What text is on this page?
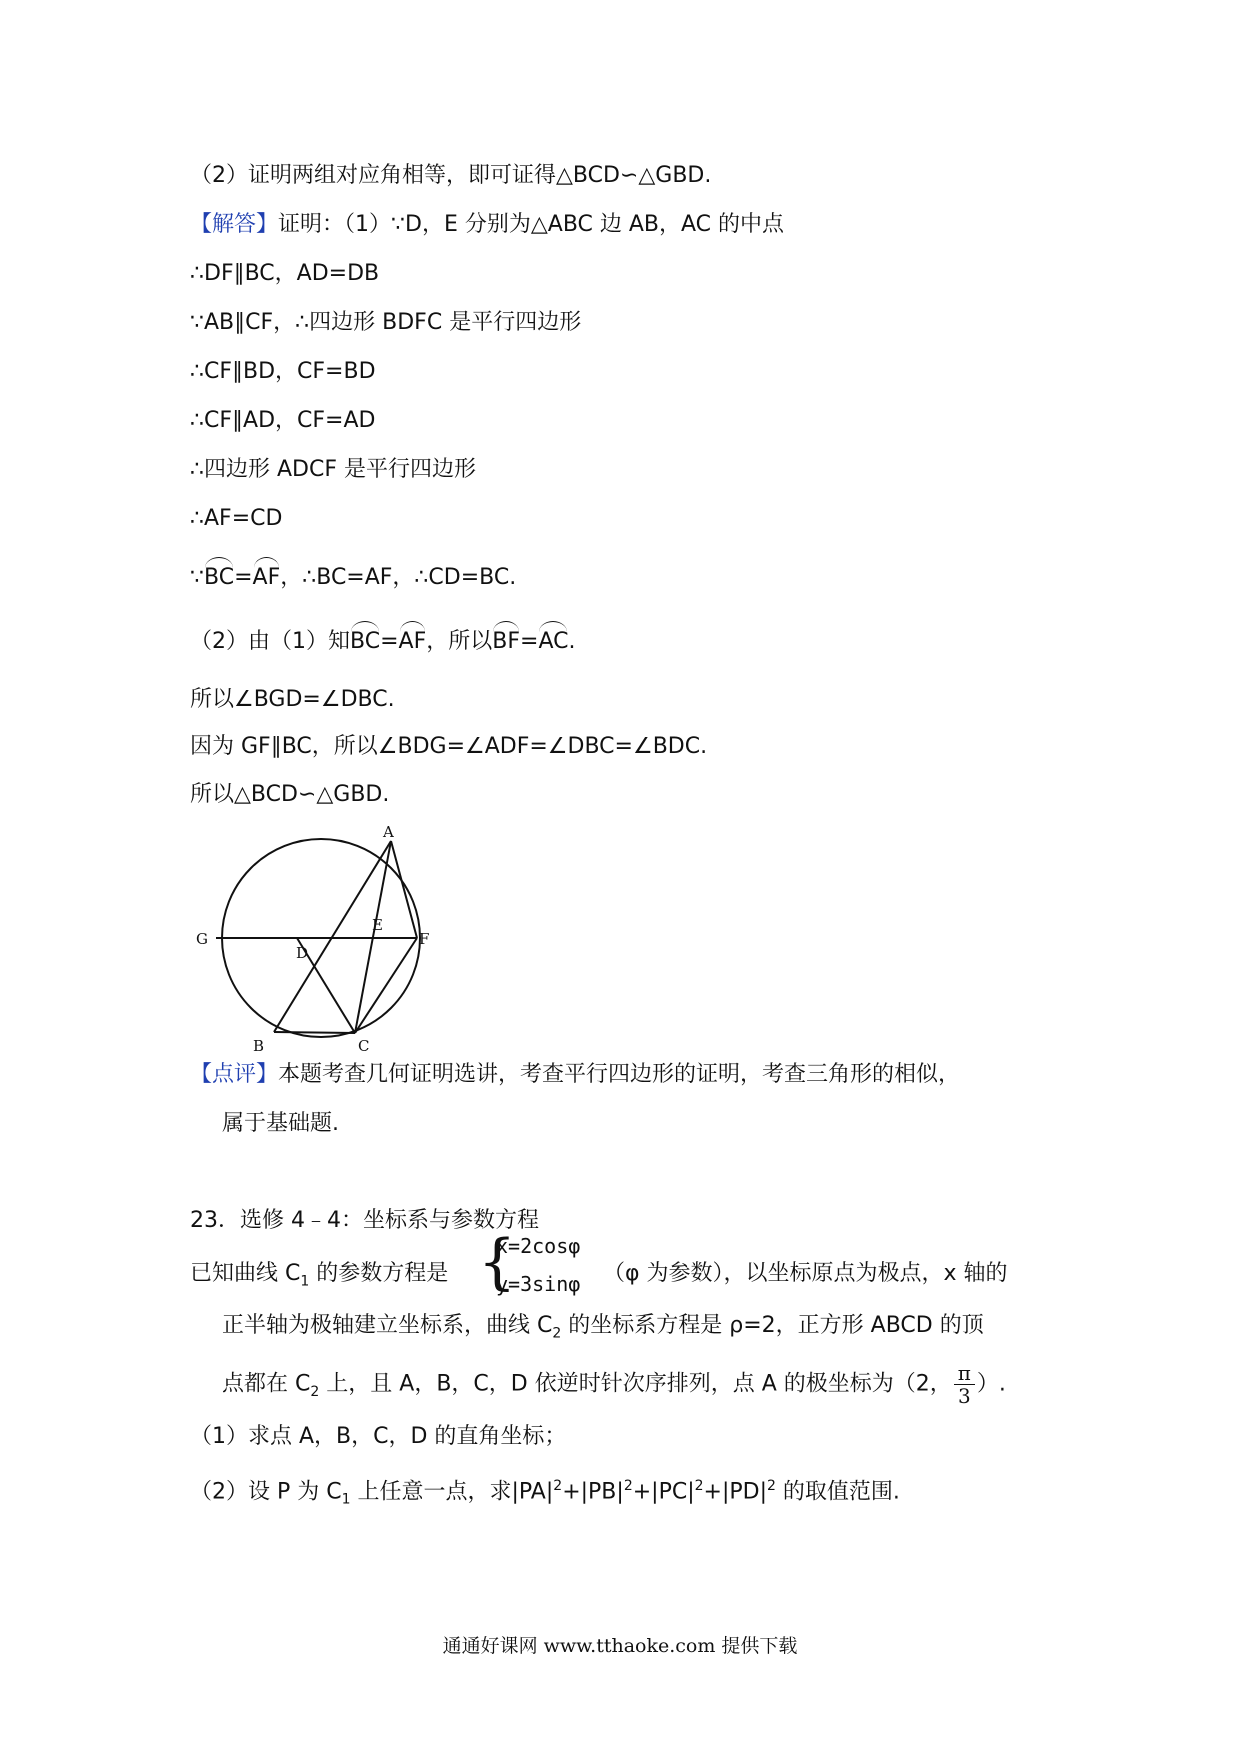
（2）证明两组对应角相等，即可证得△BCD∽△GBD.
【解答】证明：（1）∵D，E 分别为△ABC 边 AB，AC 的中点
∴DF∥BC，AD=DB
∵AB∥CF，∴四边形 BDFC 是平行四边形
∴CF∥BD，CF=BD
∴CF∥AD，CF=AD
∴四边形 ADCF 是平行四边形
∴AF=CD
∵BC=AF，∴BC=AF，∴CD=BC.
（2）由（1）知BC=AF，所以BF=AC.
所以∠BGD=∠DBC.
因为 GF∥BC，所以∠BDG=∠ADF=∠DBC=∠BDC.
所以△BCD∽△GBD.
A
B	C
D
E
F
G
【点评】本题考查几何证明选讲，考查平行四边形的证明，考查三角形的相似，
属于基础题.
23．选修 4﹣4：坐标系与参数方程
已知曲线 $C_1$ 的参数方程是 {
x=2cosφ
y=3sinφ （φ 为参数），以坐标原点为极点，x 轴的
正半轴为极轴建立坐标系，曲线 $C_2$ 的坐标系方程是 ρ=2，正方形 ABCD 的顶
点都在 $C_2$ 上，且 A，B，C，D 依逆时针次序排列，点 A 的极坐标为（2， $\frac{\pi}{3}$ ）.
（1）求点 A，B，C，D 的直角坐标；
（2）设 P 为 $C_1$ 上任意一点，求$|PA|^2+|PB|^2+|PC|^2+|PD|^2$ 的取值范围.
通通好课网 www.tthaoke.com 提供下载
